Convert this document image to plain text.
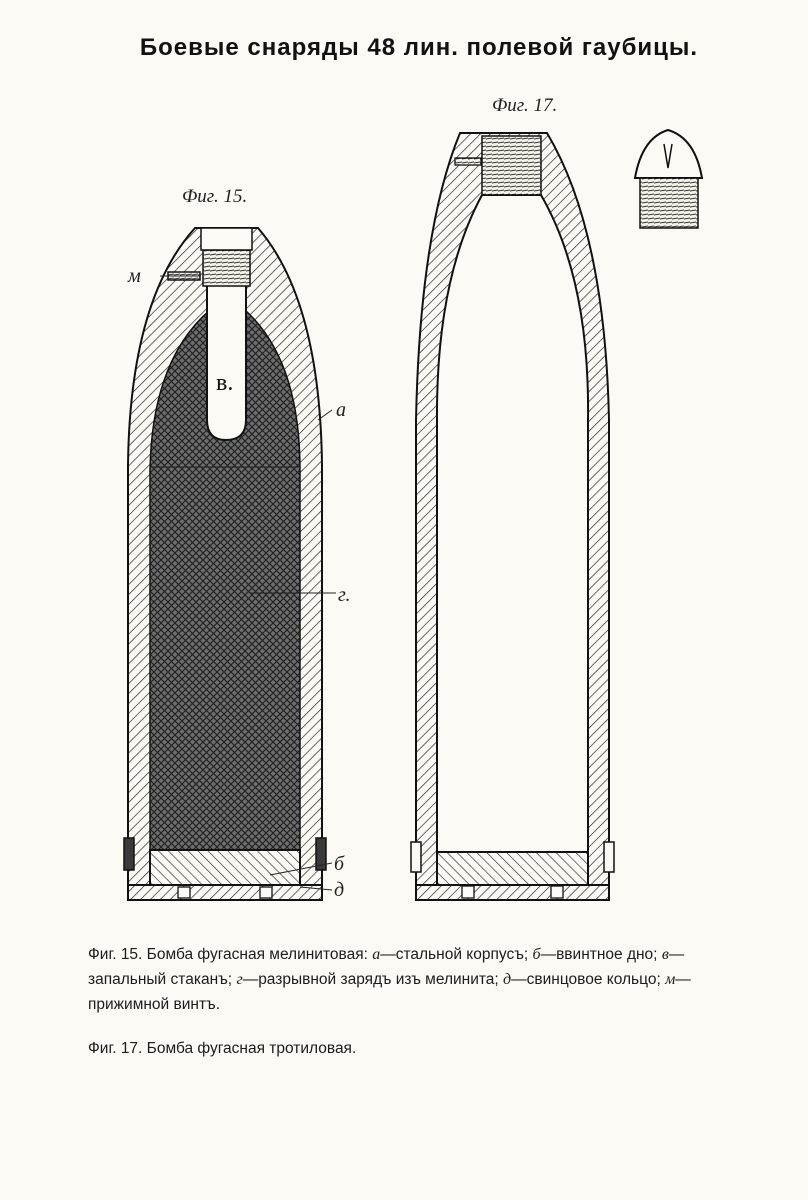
Боевые снаряды 48 лин. полевой гаубицы.
Фиг. 15.
Фиг. 17.
м
а
в.
г.
б
д

Фиг. 15. Бомба фугасная мелинитовая: а—стальной корпусъ; б—ввинтное дно; в—запальный стаканъ; г—разрывной зарядъ изъ мелинита; д—свинцовое кольцо; м—прижимной винтъ.

Фиг. 17. Бомба фугасная тротиловая.
